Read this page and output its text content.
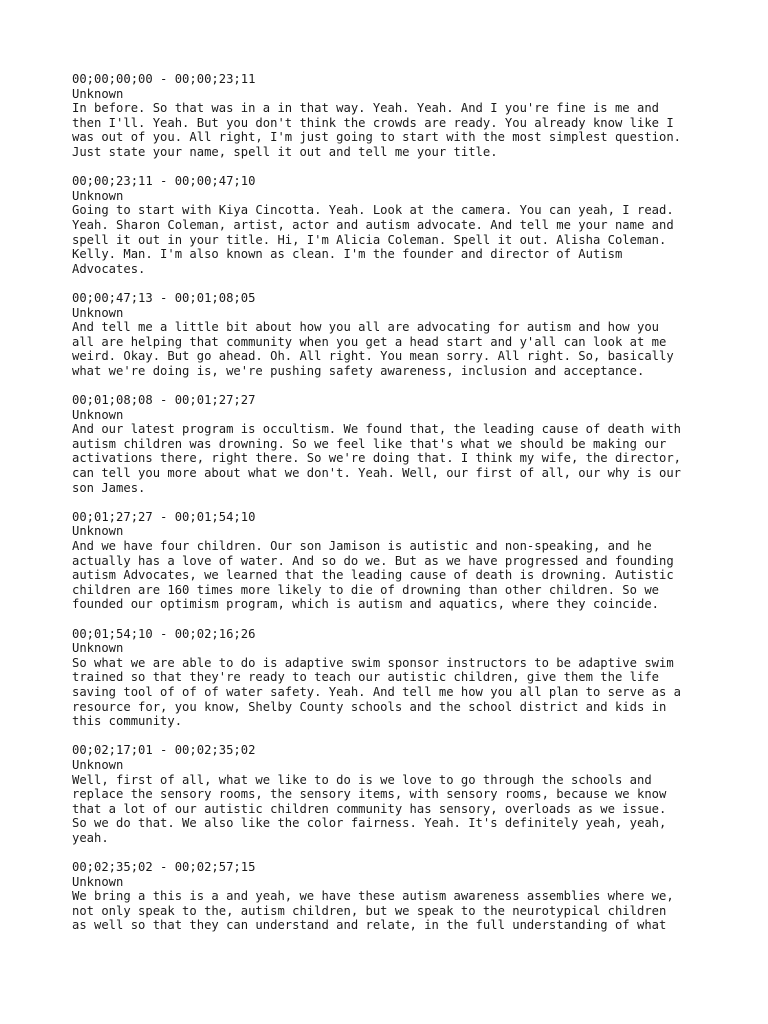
00;00;00;00 - 00;00;23;11
Unknown
In before. So that was in a in that way. Yeah. Yeah. And I you're fine is me and
then I'll. Yeah. But you don't think the crowds are ready. You already know like I
was out of you. All right, I'm just going to start with the most simplest question.
Just state your name, spell it out and tell me your title.
00;00;23;11 - 00;00;47;10
Unknown
Going to start with Kiya Cincotta. Yeah. Look at the camera. You can yeah, I read.
Yeah. Sharon Coleman, artist, actor and autism advocate. And tell me your name and
spell it out in your title. Hi, I'm Alicia Coleman. Spell it out. Alisha Coleman.
Kelly. Man. I'm also known as clean. I'm the founder and director of Autism
Advocates.
00;00;47;13 - 00;01;08;05
Unknown
And tell me a little bit about how you all are advocating for autism and how you
all are helping that community when you get a head start and y'all can look at me
weird. Okay. But go ahead. Oh. All right. You mean sorry. All right. So, basically
what we're doing is, we're pushing safety awareness, inclusion and acceptance.
00;01;08;08 - 00;01;27;27
Unknown
And our latest program is occultism. We found that, the leading cause of death with
autism children was drowning. So we feel like that's what we should be making our
activations there, right there. So we're doing that. I think my wife, the director,
can tell you more about what we don't. Yeah. Well, our first of all, our why is our
son James.
00;01;27;27 - 00;01;54;10
Unknown
And we have four children. Our son Jamison is autistic and non-speaking, and he
actually has a love of water. And so do we. But as we have progressed and founding
autism Advocates, we learned that the leading cause of death is drowning. Autistic
children are 160 times more likely to die of drowning than other children. So we
founded our optimism program, which is autism and aquatics, where they coincide.
00;01;54;10 - 00;02;16;26
Unknown
So what we are able to do is adaptive swim sponsor instructors to be adaptive swim
trained so that they're ready to teach our autistic children, give them the life
saving tool of of of water safety. Yeah. And tell me how you all plan to serve as a
resource for, you know, Shelby County schools and the school district and kids in
this community.
00;02;17;01 - 00;02;35;02
Unknown
Well, first of all, what we like to do is we love to go through the schools and
replace the sensory rooms, the sensory items, with sensory rooms, because we know
that a lot of our autistic children community has sensory, overloads as we issue.
So we do that. We also like the color fairness. Yeah. It's definitely yeah, yeah,
yeah.
00;02;35;02 - 00;02;57;15
Unknown
We bring a this is a and yeah, we have these autism awareness assemblies where we,
not only speak to the, autism children, but we speak to the neurotypical children
as well so that they can understand and relate, in the full understanding of what
